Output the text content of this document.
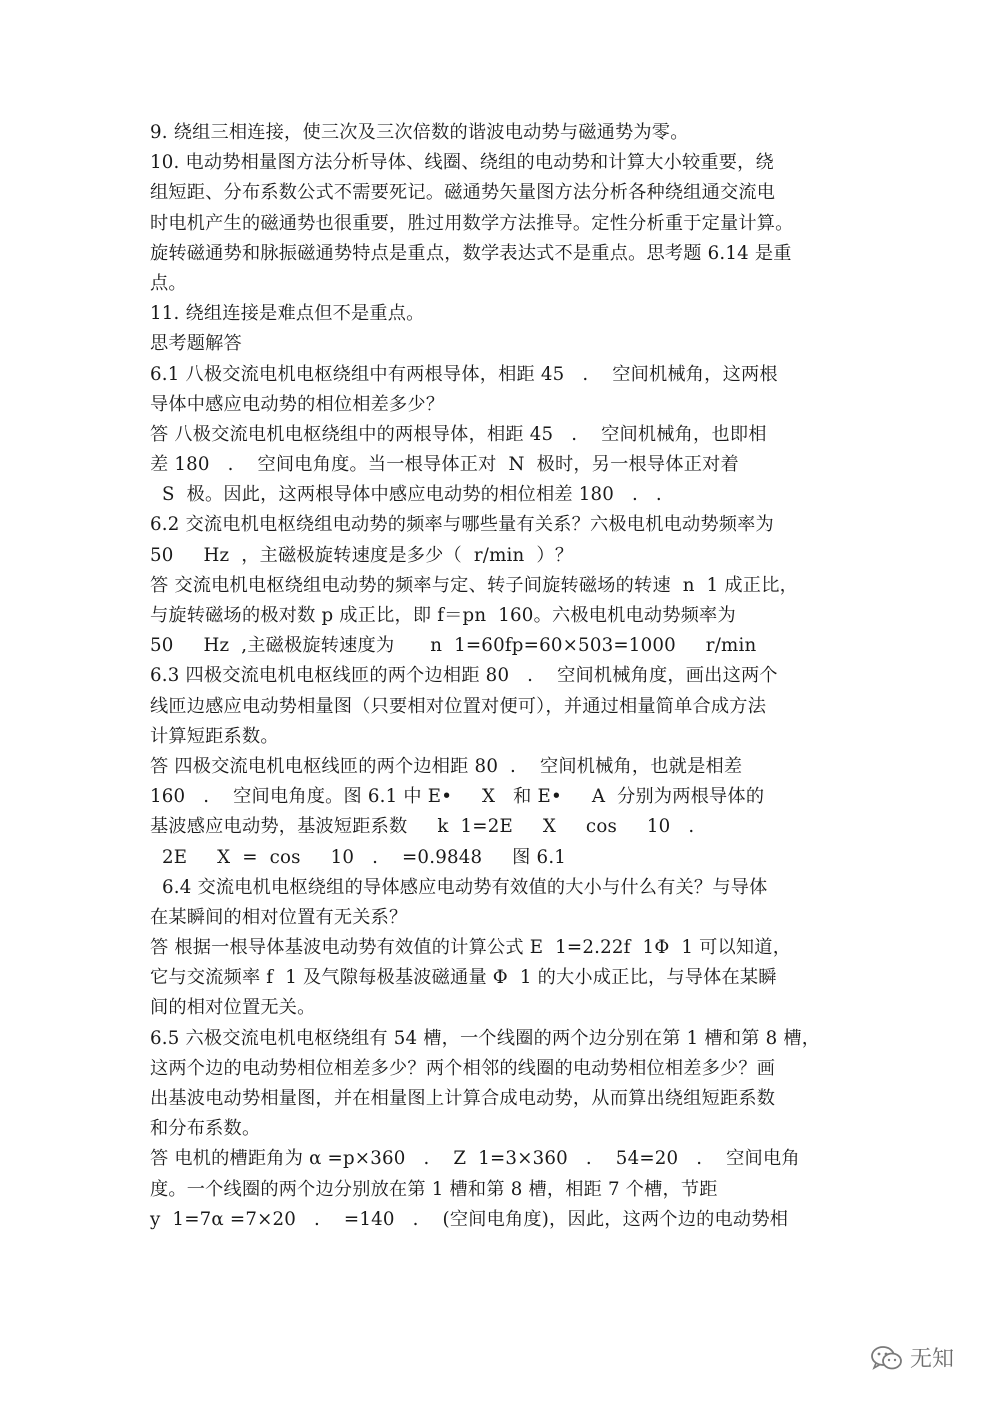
9. 绕组三相连接，使三次及三次倍数的谐波电动势与磁通势为零。
10. 电动势相量图方法分析导体、线圈、绕组的电动势和计算大小较重要，绕
组短距、分布系数公式不需要死记。磁通势矢量图方法分析各种绕组通交流电
时电机产生的磁通势也很重要，胜过用数学方法推导。定性分析重于定量计算。
旋转磁通势和脉振磁通势特点是重点，数学表达式不是重点。思考题 6.14 是重
点。
11. 绕组连接是难点但不是重点。
思考题解答
6.1 八极交流电机电枢绕组中有两根导体，相距 45   .    空间机械角，这两根
导体中感应电动势的相位相差多少？
答 八极交流电机电枢绕组中的两根导体，相距 45   .    空间机械角，也即相
差 180   .    空间电角度。当一根导体正对  N  极时，另一根导体正对着
S  极。因此，这两根导体中感应电动势的相位相差 180   .   .
6.2 交流电机电枢绕组电动势的频率与哪些量有关系？六极电机电动势频率为
50     Hz  ，主磁极旋转速度是多少（  r/min  ）？
答 交流电机电枢绕组电动势的频率与定、转子间旋转磁场的转速  n  1 成正比，
与旋转磁场的极对数 p 成正比，即 f＝pn  160。六极电机电动势频率为
50     Hz  ,主磁极旋转速度为      n  1=60fp=60×503=1000     r/min
6.3 四极交流电机电枢线匝的两个边相距 80   .    空间机械角度，画出这两个
线匝边感应电动势相量图（只要相对位置对便可），并通过相量简单合成方法
计算短距系数。
答 四极交流电机电枢线匝的两个边相距 80  .    空间机械角，也就是相差
160   .    空间电角度。图 6.1 中 E•     X   和 E•     A  分别为两根导体的
基波感应电动势，基波短距系数     k  1=2E     X     cos     10   .
2E     X  =  cos     10   .    =0.9848     图 6.1
6.4 交流电机电枢绕组的导体感应电动势有效值的大小与什么有关？与导体
在某瞬间的相对位置有无关系？
答 根据一根导体基波电动势有效值的计算公式 E  1=2.22f  1Φ  1 可以知道，
它与交流频率 f  1 及气隙每极基波磁通量 Φ  1 的大小成正比，与导体在某瞬
间的相对位置无关。
6.5 六极交流电机电枢绕组有 54 槽，一个线圈的两个边分别在第 1 槽和第 8 槽，
这两个边的电动势相位相差多少？两个相邻的线圈的电动势相位相差多少？画
出基波电动势相量图，并在相量图上计算合成电动势，从而算出绕组短距系数
和分布系数。
答 电机的槽距角为 α =p×360   .    Z  1=3×360   .    54=20   .    空间电角
度。一个线圈的两个边分别放在第 1 槽和第 8 槽，相距 7 个槽，节距
y  1=7α =7×20   .    =140   .    (空间电角度)，因此，这两个边的电动势相
无知
